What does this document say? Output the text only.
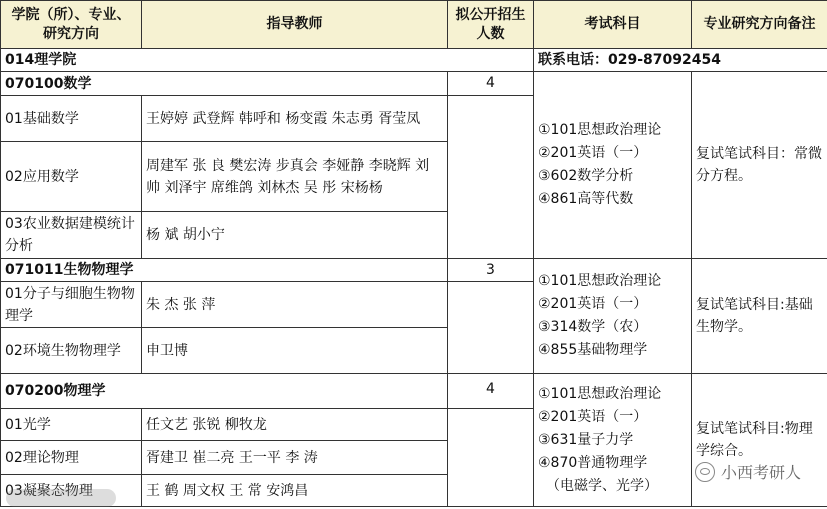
学院（所）、专业、研究方向	指导教师	拟公开招生人数	考试科目	专业研究方向备注
014理学院			联系电话：029-87092454	
070100数学		4	①101思想政治理论
②201英语（一）
③602数学分析
④861高等代数	复试笔试科目：常微分方程。
01基础数学	王婷婷 武登辉 韩呼和 杨变霞 朱志勇 胥莹凤			
02应用数学	周建军 张 良 樊宏涛 步真会 李娅静 李晓辉 刘 帅 刘泽宇 席维鸽 刘林杰 吴 彤 宋杨杨			
03农业数据建模统计分析	杨 斌 胡小宁			
071011生物物理学		3	①101思想政治理论
②201英语（一）
③314数学（农）
④855基础物理学	复试笔试科目:基础生物学。
01分子与细胞生物物理学	朱 杰 张 萍			
02环境生物物理学	申卫博			
070200物理学		4	①101思想政治理论
②201英语（一）
③631量子力学
④870普通物理学
（电磁学、光学）	复试笔试科目:物理学综合。
01光学	任文艺 张锐 柳牧龙			
02理论物理	胥建卫 崔二亮 王一平 李 涛			
03凝聚态物理	王 鹤 周文权 王 常 安鸿昌			
小西考研人
